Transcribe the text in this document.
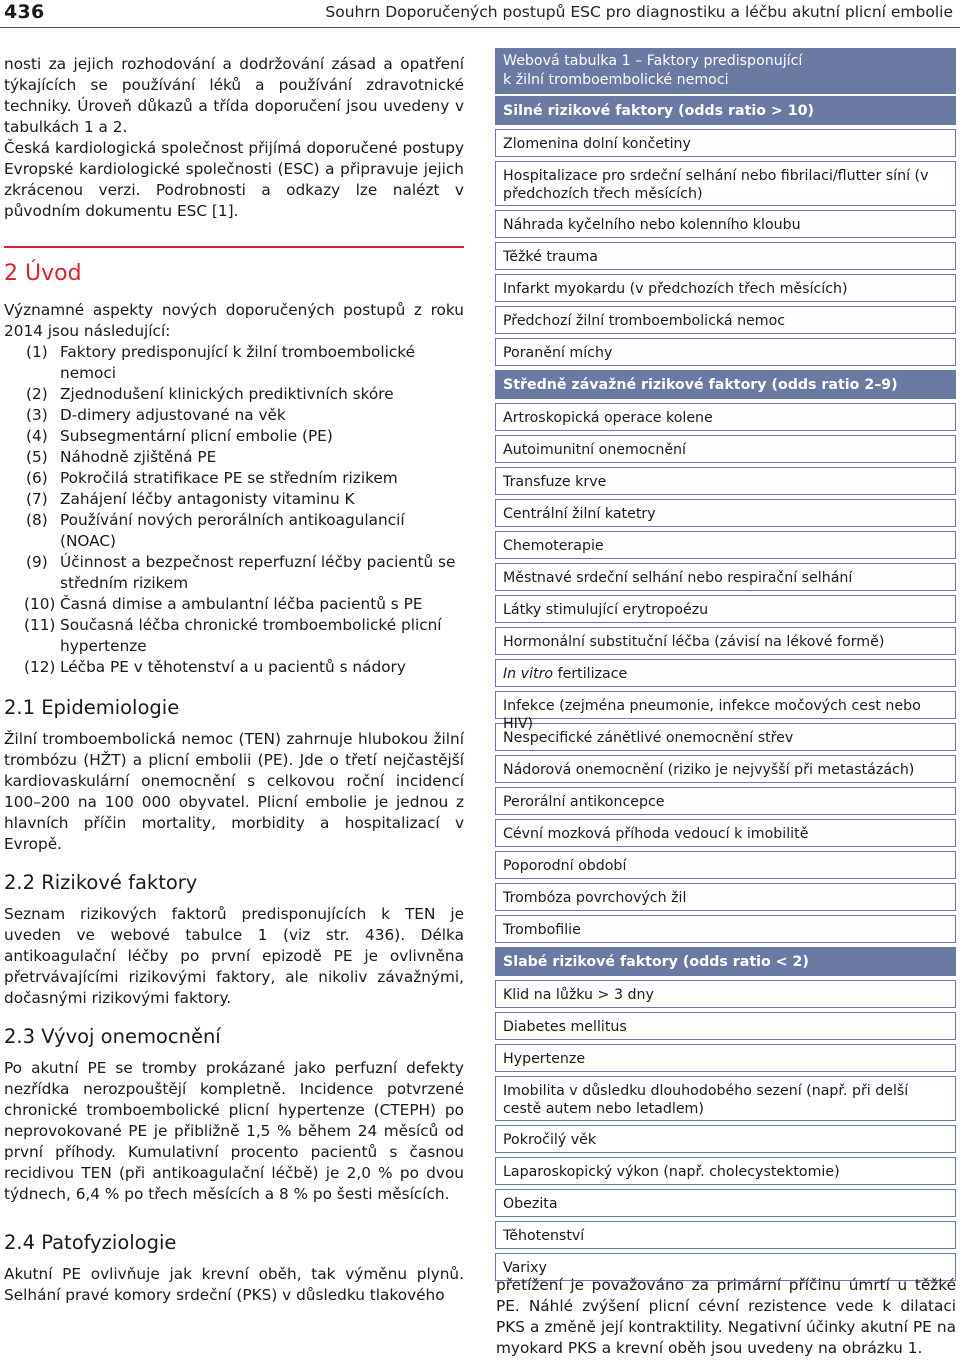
436	Souhrn Doporučených postupů ESC pro diagnostiku a léčbu akutní plicní embolie

nosti za jejich rozhodování a dodržování zásad a opatření týkajících se používání léků a používání zdravotnické techniky. Úroveň důkazů a třída doporučení jsou uvedeny v tabulkách 1 a 2.

Česká kardiologická společnost přijímá doporučené postupy Evropské kardiologické společnosti (ESC) a připravuje jejich zkrácenou verzi. Podrobnosti a odkazy lze nalézt v původním dokumentu ESC [1].

2 Úvod

Významné aspekty nových doporučených postupů z roku 2014 jsou následující:

(1) Faktory predisponující k žilní tromboembolické nemoci
(2) Zjednodušení klinických prediktivních skóre
(3) D-dimery adjustované na věk
(4) Subsegmentární plicní embolie (PE)
(5) Náhodně zjištěná PE
(6) Pokročilá stratifikace PE se středním rizikem
(7) Zahájení léčby antagonisty vitaminu K
(8) Používání nových perorálních antikoagulancií (NOAC)
(9) Účinnost a bezpečnost reperfuzní léčby pacientů se středním rizikem
(10) Časná dimise a ambulantní léčba pacientů s PE
(11) Současná léčba chronické tromboembolické plicní hypertenze
(12) Léčba PE v těhotenství a u pacientů s nádory
2.1 Epidemiologie

Žilní tromboembolická nemoc (TEN) zahrnuje hlubokou žilní trombózu (HŽT) a plicní embolii (PE). Jde o třetí nejčastější kardiovaskulární onemocnění s celkovou roční incidencí 100–200 na 100 000 obyvatel. Plicní embolie je jednou z hlavních příčin mortality, morbidity a hospitalizací v Evropě.

2.2 Rizikové faktory

Seznam rizikových faktorů predisponujících k TEN je uveden ve webové tabulce 1 (viz str. 436). Délka antikoagulační léčby po první epizodě PE je ovlivněna přetrvávajícími rizikovými faktory, ale nikoliv závažnými, dočasnými rizikovými faktory.

2.3 Vývoj onemocnění

Po akutní PE se tromby prokázané jako perfuzní defekty nezřídka nerozpouštějí kompletně. Incidence potvrzené chronické tromboembolické plicní hypertenze (CTEPH) po neprovokované PE je přibližně 1,5 % během 24 měsíců od první příhody. Kumulativní procento pacientů s časnou recidivou TEN (při antikoagulační léčbě) je 2,0 % po dvou týdnech, 6,4 % po třech měsících a 8 % po šesti měsících.

2.4 Patofyziologie

Akutní PE ovlivňuje jak krevní oběh, tak výměnu plynů. Selhání pravé komory srdeční (PKS) v důsledku tlakového

Webová tabulka 1 – Faktory predisponující
k žilní tromboembolické nemoci
Silné rizikové faktory (odds ratio > 10)
Zlomenina dolní končetiny
Hospitalizace pro srdeční selhání nebo fibrilaci/flutter síní (v předchozích třech měsících)
Náhrada kyčelního nebo kolenního kloubu
Těžké trauma
Infarkt myokardu (v předchozích třech měsících)
Předchozí žilní tromboembolická nemoc
Poranění míchy
Středně závažné rizikové faktory (odds ratio 2–9)
Artroskopická operace kolene
Autoimunitní onemocnění
Transfuze krve
Centrální žilní katetry
Chemoterapie
Městnavé srdeční selhání nebo respirační selhání
Látky stimulující erytropoézu
Hormonální substituční léčba (závisí na lékové formě)
In vitro fertilizace
Infekce (zejména pneumonie, infekce močových cest nebo HIV)
Nespecifické zánětlivé onemocnění střev
Nádorová onemocnění (riziko je nejvyšší při metastázách)
Perorální antikoncepce
Cévní mozková příhoda vedoucí k imobilitě
Poporodní období
Trombóza povrchových žil
Trombofilie
Slabé rizikové faktory (odds ratio < 2)
Klid na lůžku > 3 dny
Diabetes mellitus
Hypertenze
Imobilita v důsledku dlouhodobého sezení (např. při delší cestě autem nebo letadlem)
Pokročilý věk
Laparoskopický výkon (např. cholecystektomie)
Obezita
Těhotenství
Varixy

přetížení je považováno za primární příčinu úmrtí u těžké PE. Náhlé zvýšení plicní cévní rezistence vede k dilataci PKS a změně její kontraktility. Negativní účinky akutní PE na myokard PKS a krevní oběh jsou uvedeny na obrázku 1.
